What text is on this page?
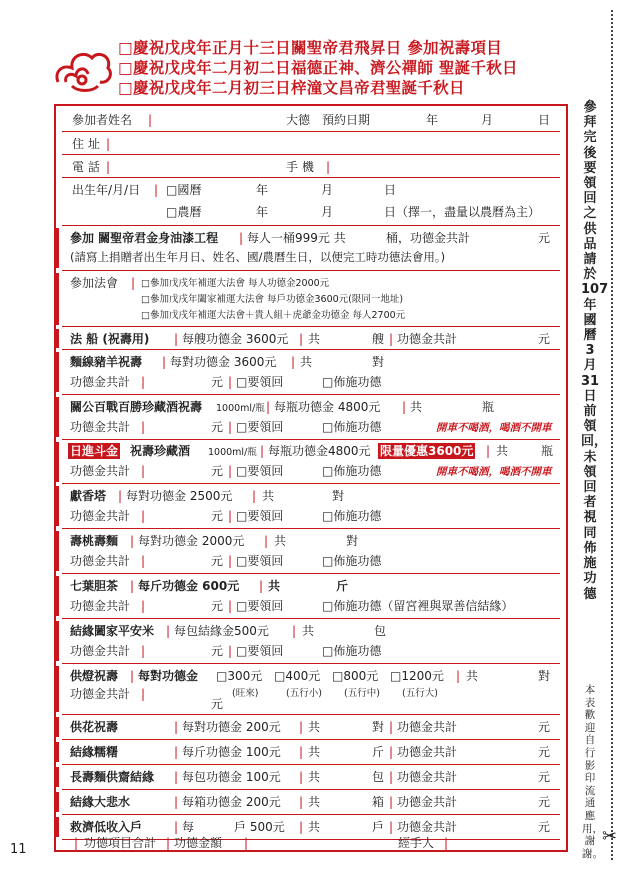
□慶祝戊戌年正月十三日關聖帝君飛昇日 參加祝壽項目
□慶祝戊戌年二月初二日福德正神、濟公禪師 聖誕千秋日
□慶祝戊戌年二月初三日梓潼文昌帝君聖誕千秋日
參加者姓名 |	大德　預約日期	年	月	日
住 址 |
電 話 |	手 機 |
出生年/月/日 | □國曆	年	月	日
□農曆	年	月	日（擇一，盡量以農曆為主）
參加 關聖帝君金身油漆工程 | 每人一桶999元 共	桶，功德金共計	元
(請寫上捐贈者出生年月日、姓名、國/農曆生日，以便完工時功德法會用。)
參加法會 | □參加戊戌年補運大法會 每人功德金2000元
□參加戊戌年闔家補運大法會 每戶功德金3600元(限同一地址)
□參加戊戌年補運大法會＋貴人組＋虎爺金功德金 每人2700元
法 船 (祝壽用) | 每艘功德金 3600元 | 共	艘 | 功德金共計	元
麵線豬羊祝壽 | 每對功德金 3600元 | 共	對
功德金共計 |	元 | □要領回	□佈施功德
關公百戰百勝珍藏酒祝壽 1000ml/瓶 | 每瓶功德金 4800元 | 共	瓶
功德金共計 |	元 | □要領回	□佈施功德	開車不喝酒，喝酒不開車
日進斗金 祝壽珍藏酒 1000ml/瓶 | 每瓶功德金4800元 限量優惠3600元 | 共	瓶
功德金共計 |	元 | □要領回	□佈施功德	開車不喝酒，喝酒不開車
獻香塔 | 每對功德金 2500元 | 共	對
功德金共計 |	元 | □要領回	□佈施功德
壽桃壽麵 | 每對功德金 2000元 | 共	對
功德金共計 |	元 | □要領回	□佈施功德
七葉胆茶 | 每斤功德金 600元 | 共	斤
功德金共計 |	元 | □要領回	□佈施功德（留宮裡與眾善信結緣）
結緣闔家平安米 | 每包結緣金500元 | 共	包
功德金共計 |	元 | □要領回	□佈施功德
供燈祝壽 | 每對功德金 □300元 □400元 □800元 □1200元 | 共	對
功德金共計 |	(旺來)	(五行小) (五行中) (五行大)
元
供花祝壽	| 每對功德金 200元 | 共	對 | 功德金共計	元
結緣糯糬	| 每斤功德金 100元 | 共	斤 | 功德金共計	元
長壽麵供齋結緣 | 每包功德金 100元 | 共	包 | 功德金共計	元
結緣大悲水	| 每箱功德金 200元 | 共	箱 | 功德金共計	元
救濟低收入戶	| 每	戶 500元 | 共	戶 | 功德金共計	元
| 功德項目合計 | 功德金額 |	經手人 |
參拜完後要領回之供品請於107年國曆3月31日前領回，未領回者視同佈施功德
本表歡迎自行影印流通應用，謝謝。
✂
11
